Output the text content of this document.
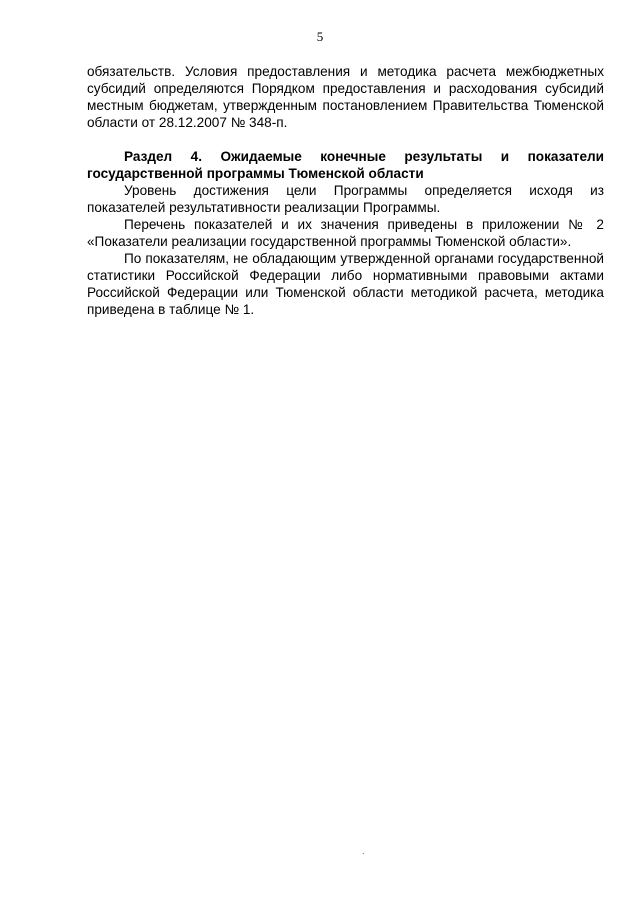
5

обязательств. Условия предоставления и методика расчета межбюджетных субсидий определяются Порядком предоставления и расходования субсидий местным бюджетам, утвержденным постановлением Правительства Тюменской области от 28.12.2007 № 348-п.

Раздел 4. Ожидаемые конечные результаты и показатели государственной программы Тюменской области

Уровень достижения цели Программы определяется исходя из показателей результативности реализации Программы.

Перечень показателей и их значения приведены в приложении № 2 «Показатели реализации государственной программы Тюменской области».

По показателям, не обладающим утвержденной органами государственной статистики Российской Федерации либо нормативными правовыми актами Российской Федерации или Тюменской области методикой расчета, методика приведена в таблице № 1.

.
